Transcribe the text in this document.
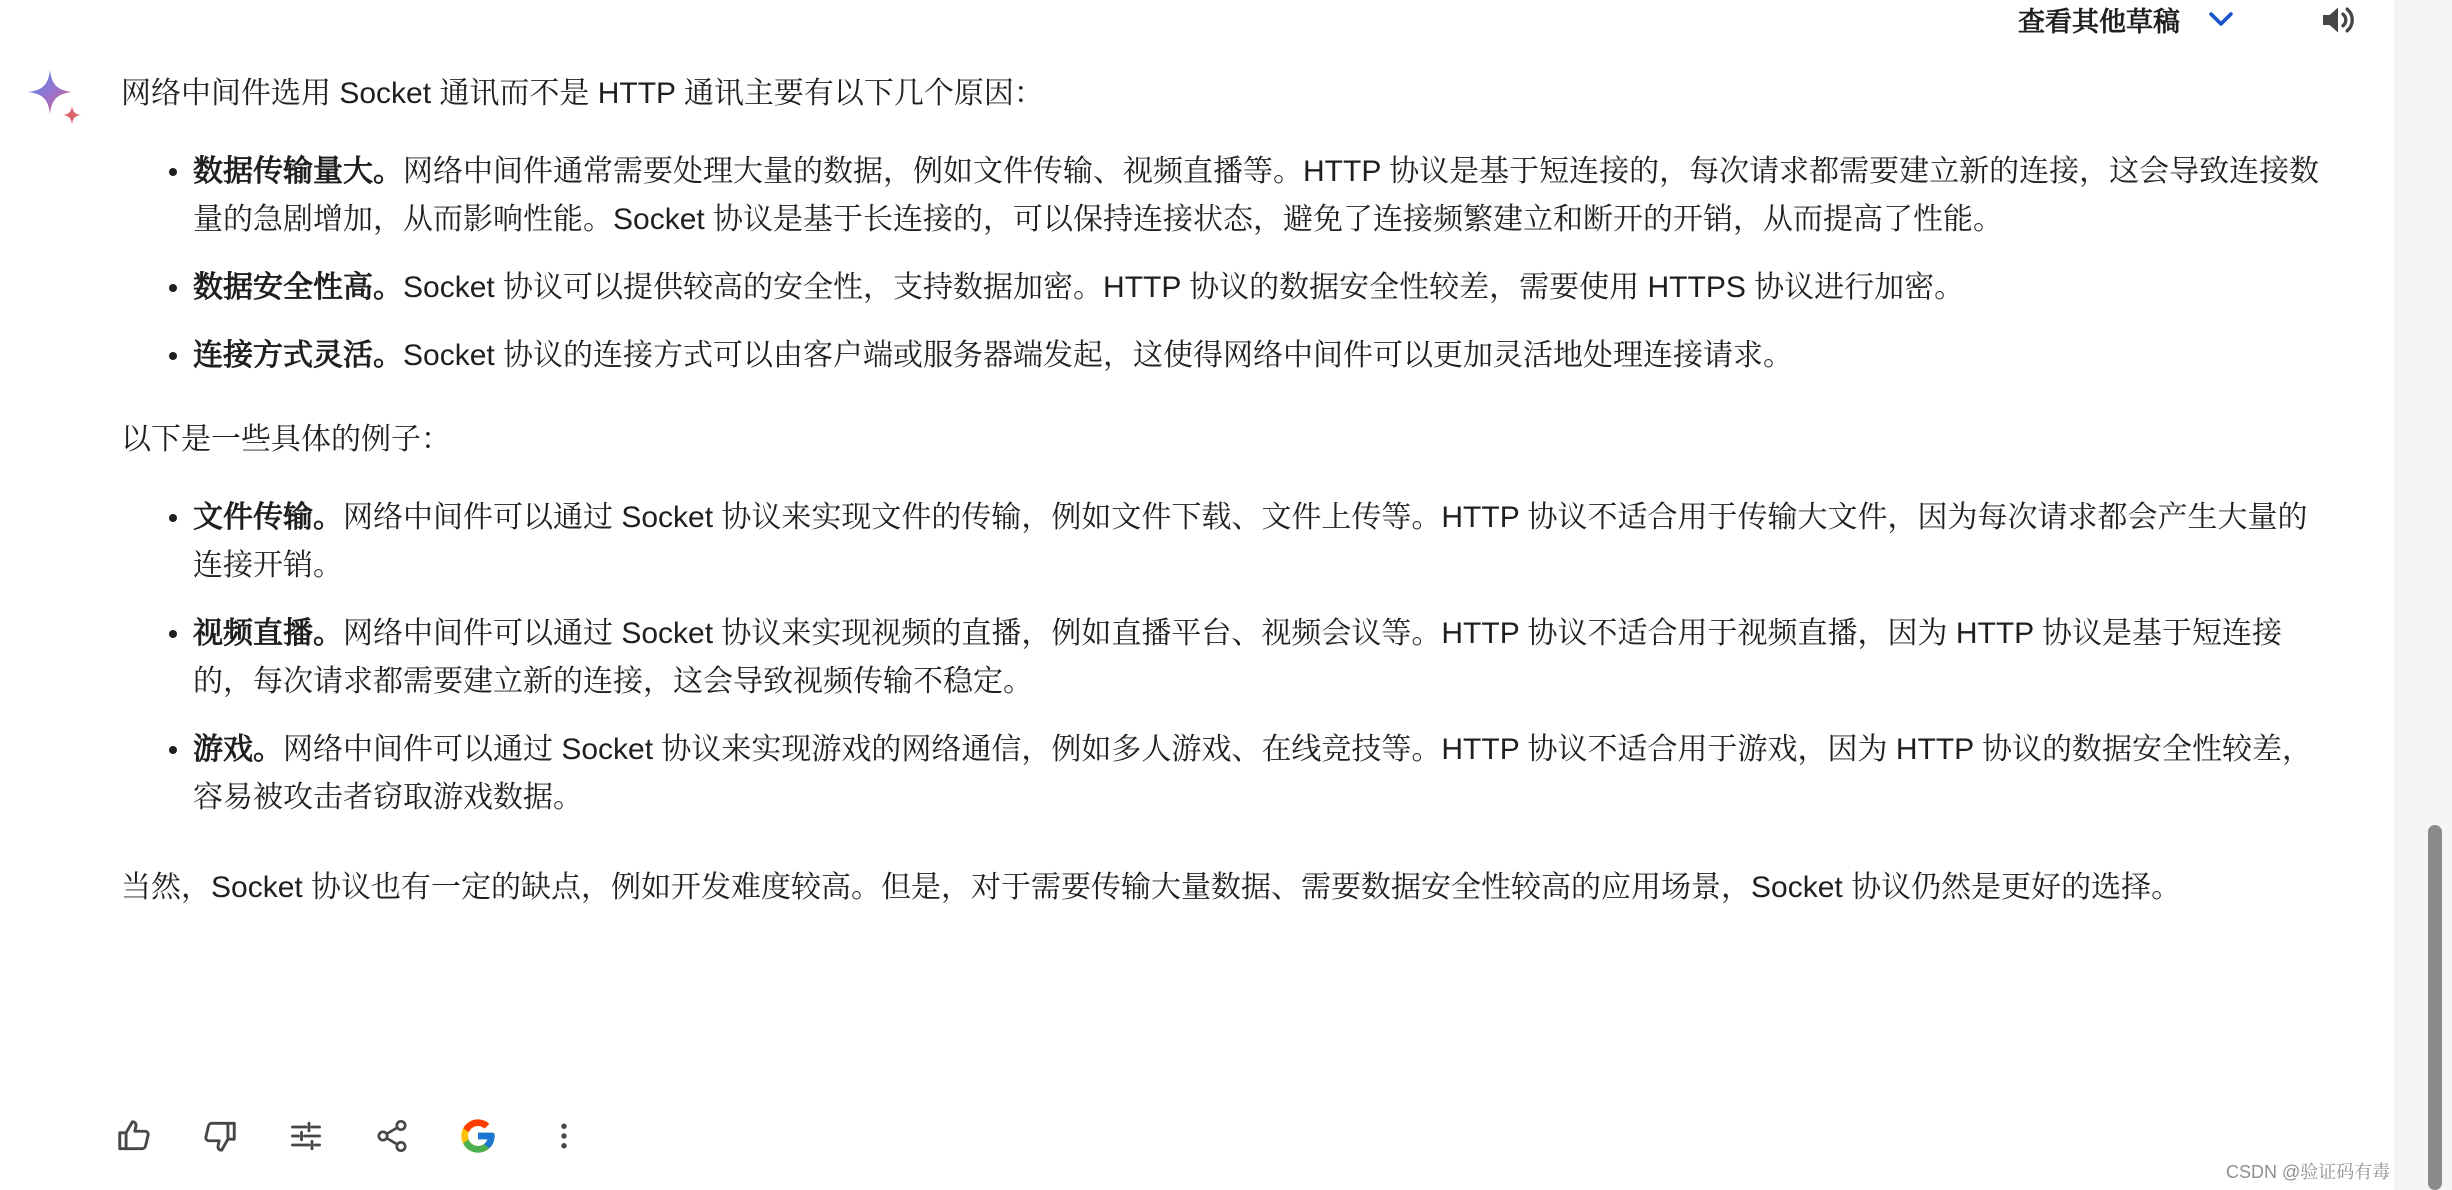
查看其他草稿

网络中间件选用 Socket 通讯而不是 HTTP 通讯主要有以下几个原因：

数据传输量大。网络中间件通常需要处理大量的数据，例如文件传输、视频直播等。HTTP 协议是基于短连接的，每次请求都需要建立新的连接，这会导致连接数量的急剧增加，从而影响性能。Socket 协议是基于长连接的，可以保持连接状态，避免了连接频繁建立和断开的开销，从而提高了性能。
数据安全性高。Socket 协议可以提供较高的安全性，支持数据加密。HTTP 协议的数据安全性较差，需要使用 HTTPS 协议进行加密。
连接方式灵活。Socket 协议的连接方式可以由客户端或服务器端发起，这使得网络中间件可以更加灵活地处理连接请求。

以下是一些具体的例子：

文件传输。网络中间件可以通过 Socket 协议来实现文件的传输，例如文件下载、文件上传等。HTTP 协议不适合用于传输大文件，因为每次请求都会产生大量的连接开销。
视频直播。网络中间件可以通过 Socket 协议来实现视频的直播，例如直播平台、视频会议等。HTTP 协议不适合用于视频直播，因为 HTTP 协议是基于短连接的，每次请求都需要建立新的连接，这会导致视频传输不稳定。
游戏。网络中间件可以通过 Socket 协议来实现游戏的网络通信，例如多人游戏、在线竞技等。HTTP 协议不适合用于游戏，因为 HTTP 协议的数据安全性较差，容易被攻击者窃取游戏数据。

当然，Socket 协议也有一定的缺点，例如开发难度较高。但是，对于需要传输大量数据、需要数据安全性较高的应用场景，Socket 协议仍然是更好的选择。

CSDN @验证码有毒
